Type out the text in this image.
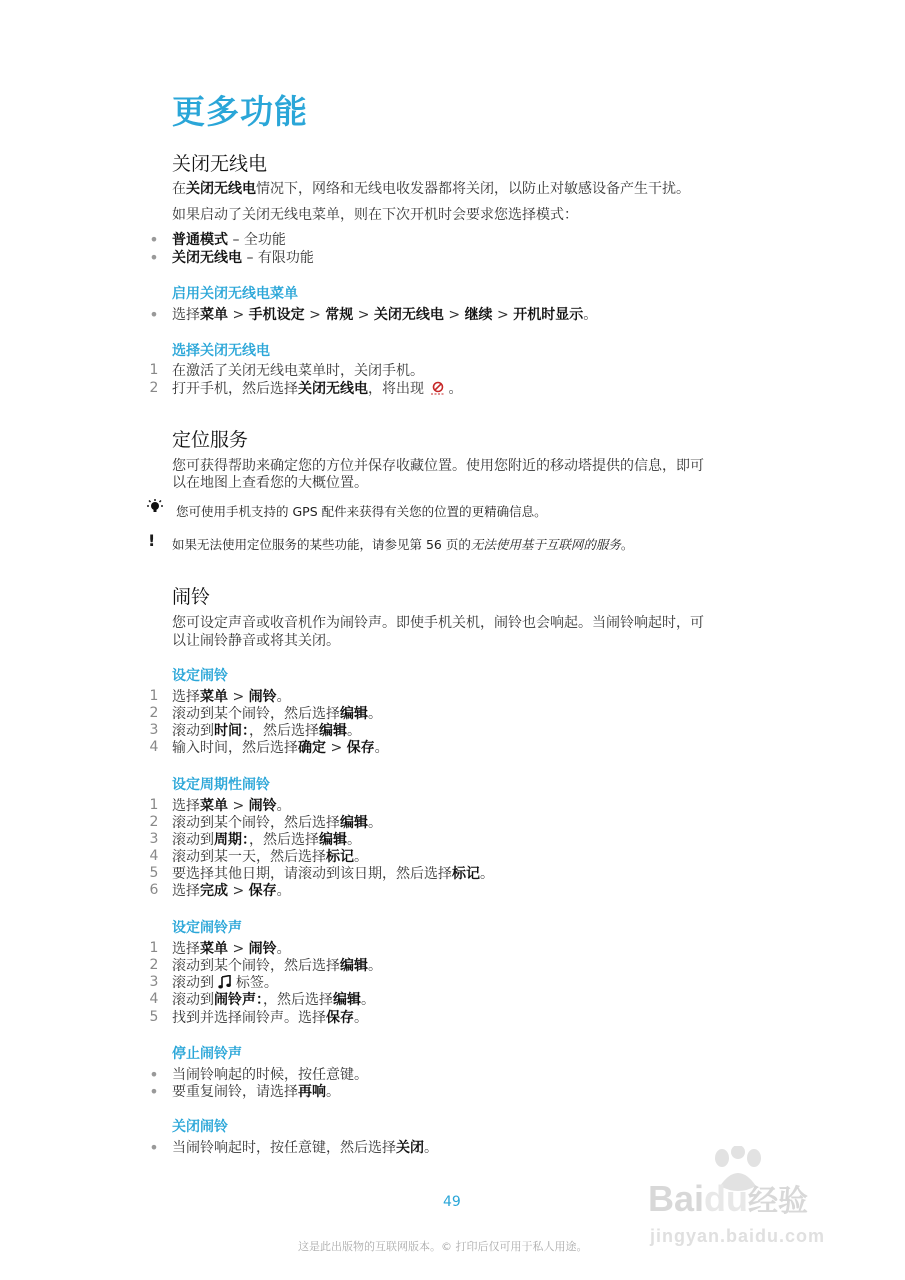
更多功能
关闭无线电
在关闭无线电情况下，网络和无线电收发器都将关闭，以防止对敏感设备产生干扰。
如果启动了关闭无线电菜单，则在下次开机时会要求您选择模式：
• 普通模式 – 全功能
• 关闭无线电 – 有限功能
启用关闭无线电菜单
• 选择菜单 > 手机设定 > 常规 > 关闭无线电 > 继续 > 开机时显示。
选择关闭无线电
1 在激活了关闭无线电菜单时，关闭手机。
2 打开手机，然后选择关闭无线电，将出现 。
定位服务
您可获得帮助来确定您的方位并保存收藏位置。使用您附近的移动塔提供的信息，即可
以在地图上查看您的大概位置。
您可使用手机支持的 GPS 配件来获得有关您的位置的更精确信息。
! 如果无法使用定位服务的某些功能，请参见第 56 页的无法使用基于互联网的服务。
闹铃
您可设定声音或收音机作为闹铃声。即使手机关机，闹铃也会响起。当闹铃响起时，可
以让闹铃静音或将其关闭。
设定闹铃
1 选择菜单 > 闹铃。
2 滚动到某个闹铃，然后选择编辑。
3 滚动到时间：，然后选择编辑。
4 输入时间，然后选择确定 > 保存。
设定周期性闹铃
1 选择菜单 > 闹铃。
2 滚动到某个闹铃，然后选择编辑。
3 滚动到周期：，然后选择编辑。
4 滚动到某一天，然后选择标记。
5 要选择其他日期，请滚动到该日期，然后选择标记。
6 选择完成 > 保存。
设定闹铃声
1 选择菜单 > 闹铃。
2 滚动到某个闹铃，然后选择编辑。
3 滚动到  标签。
4 滚动到闹铃声：，然后选择编辑。
5 找到并选择闹铃声。选择保存。
停止闹铃声
• 当闹铃响起的时候，按任意键。
• 要重复闹铃，请选择再响。
关闭闹铃
• 当闹铃响起时，按任意键，然后选择关闭。
49
这是此出版物的互联网版本。© 打印后仅可用于私人用途。
Baidu经验
jingyan.baidu.com
